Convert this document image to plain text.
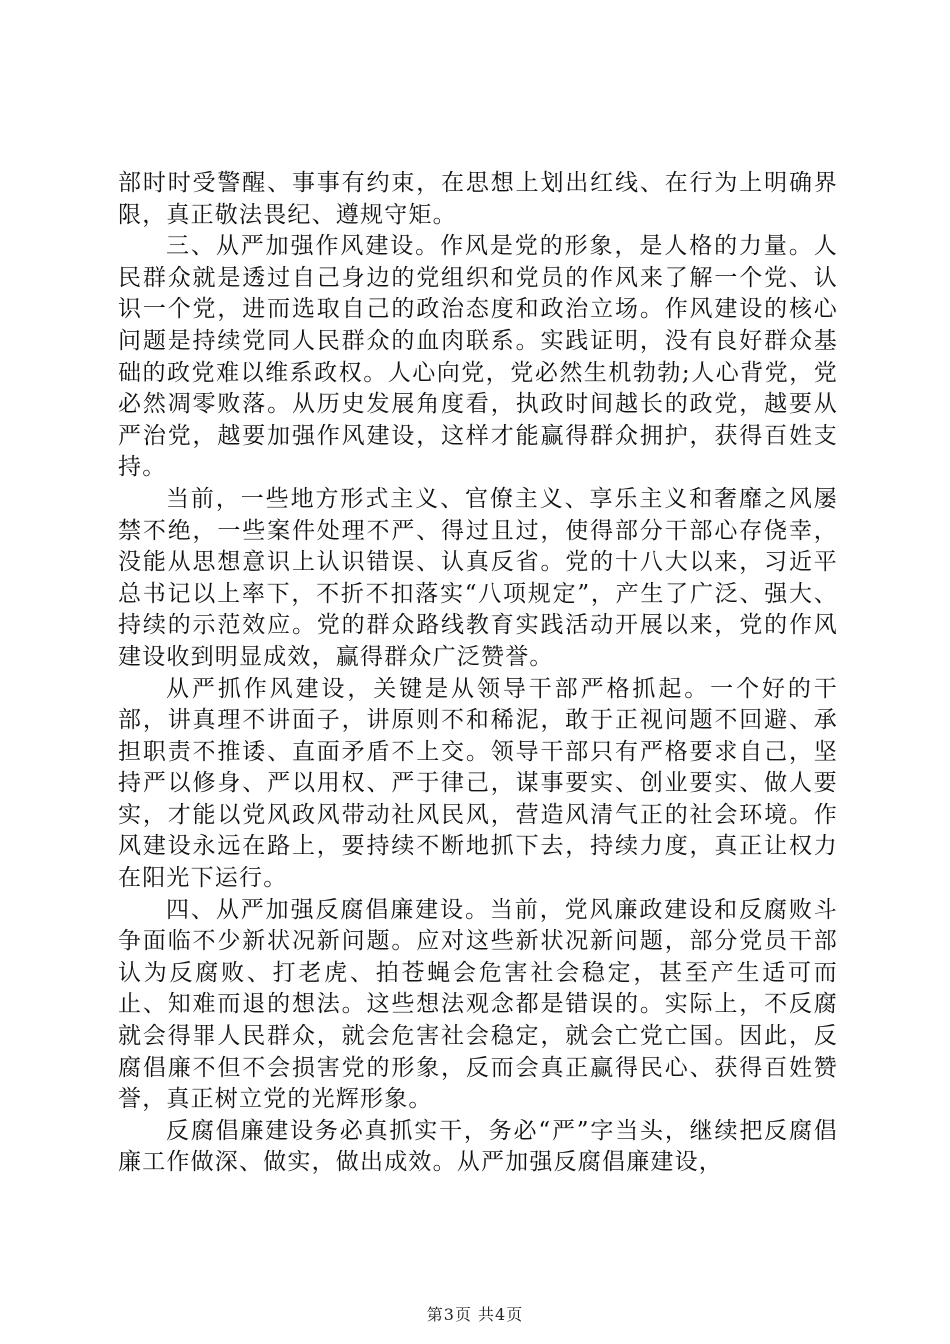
部时时受警醒、事事有约束，在思想上划出红线、在行为上明确界限，真正敬法畏纪、遵规守矩。

三、从严加强作风建设。作风是党的形象，是人格的力量。人民群众就是透过自己身边的党组织和党员的作风来了解一个党、认识一个党，进而选取自己的政治态度和政治立场。作风建设的核心问题是持续党同人民群众的血肉联系。实践证明，没有良好群众基础的政党难以维系政权。人心向党，党必然生机勃勃;人心背党，党必然凋零败落。从历史发展角度看，执政时间越长的政党，越要从严治党，越要加强作风建设，这样才能赢得群众拥护，获得百姓支持。

当前，一些地方形式主义、官僚主义、享乐主义和奢靡之风屡禁不绝，一些案件处理不严、得过且过，使得部分干部心存侥幸，没能从思想意识上认识错误、认真反省。党的十八大以来，习近平总书记以上率下，不折不扣落实“八项规定”，产生了广泛、强大、持续的示范效应。党的群众路线教育实践活动开展以来，党的作风建设收到明显成效，赢得群众广泛赞誉。

从严抓作风建设，关键是从领导干部严格抓起。一个好的干部，讲真理不讲面子，讲原则不和稀泥，敢于正视问题不回避、承担职责不推诿、直面矛盾不上交。领导干部只有严格要求自己，坚持严以修身、严以用权、严于律己，谋事要实、创业要实、做人要实，才能以党风政风带动社风民风，营造风清气正的社会环境。作风建设永远在路上，要持续不断地抓下去，持续力度，真正让权力在阳光下运行。

四、从严加强反腐倡廉建设。当前，党风廉政建设和反腐败斗争面临不少新状况新问题。应对这些新状况新问题，部分党员干部认为反腐败、打老虎、拍苍蝇会危害社会稳定，甚至产生适可而止、知难而退的想法。这些想法观念都是错误的。实际上，不反腐就会得罪人民群众，就会危害社会稳定，就会亡党亡国。因此，反腐倡廉不但不会损害党的形象，反而会真正赢得民心、获得百姓赞誉，真正树立党的光辉形象。

反腐倡廉建设务必真抓实干，务必“严”字当头，继续把反腐倡廉工作做深、做实，做出成效。从严加强反腐倡廉建设，

第3页 共4页
